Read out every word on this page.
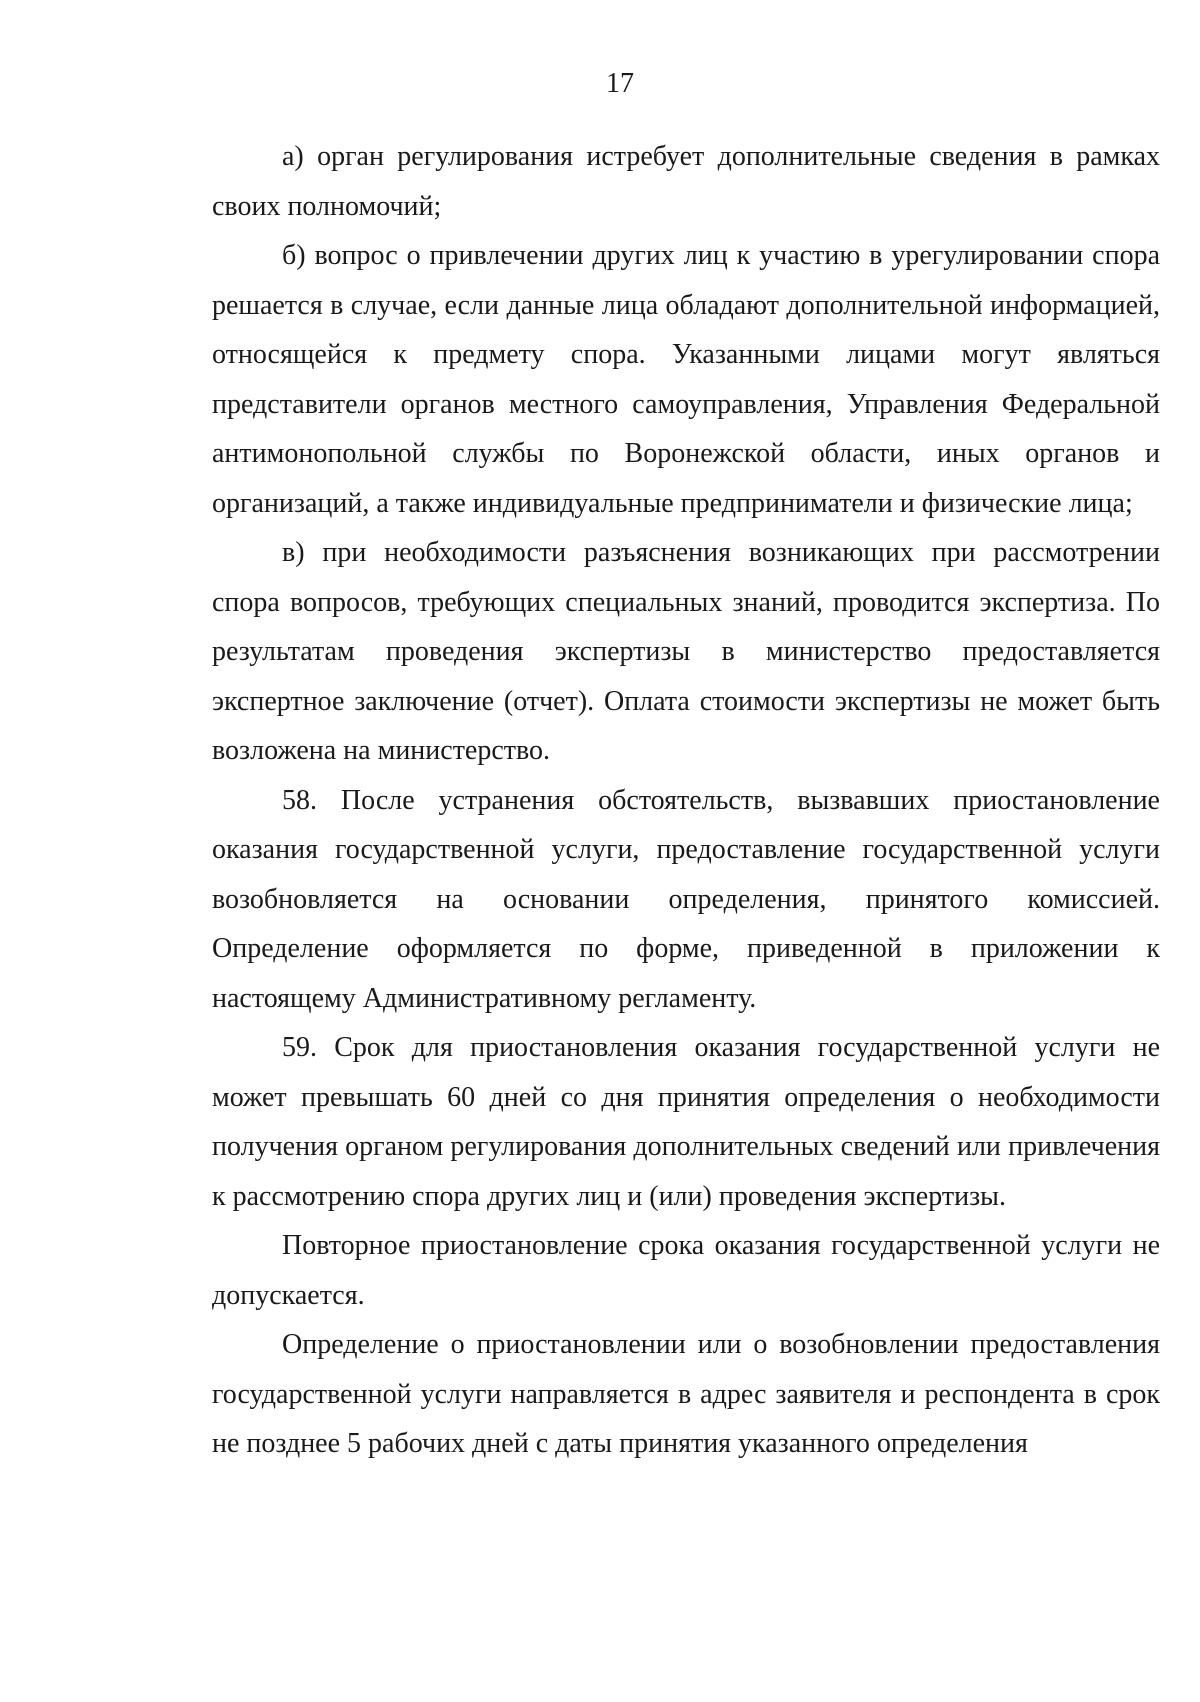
17

а) орган регулирования истребует дополнительные сведения в рамках своих полномочий;

б) вопрос о привлечении других лиц к участию в урегулировании спора решается в случае, если данные лица обладают дополнительной информацией, относящейся к предмету спора. Указанными лицами могут являться представители органов местного самоуправления, Управления Федеральной антимонопольной службы по Воронежской области, иных органов и организаций, а также индивидуальные предприниматели и физические лица;

в) при необходимости разъяснения возникающих при рассмотрении спора вопросов, требующих специальных знаний, проводится экспертиза. По результатам проведения экспертизы в министерство предоставляется экспертное заключение (отчет). Оплата стоимости экспертизы не может быть возложена на министерство.

58. После устранения обстоятельств, вызвавших приостановление оказания государственной услуги, предоставление государственной услуги возобновляется на основании определения, принятого комиссией. Определение оформляется по форме, приведенной в приложении к настоящему Административному регламенту.

59. Срок для приостановления оказания государственной услуги не может превышать 60 дней со дня принятия определения о необходимости получения органом регулирования дополнительных сведений или привлечения к рассмотрению спора других лиц и (или) проведения экспертизы.

Повторное приостановление срока оказания государственной услуги не допускается.

Определение о приостановлении или о возобновлении предоставления государственной услуги направляется в адрес заявителя и респондента в срок не позднее 5 рабочих дней с даты принятия указанного определения
